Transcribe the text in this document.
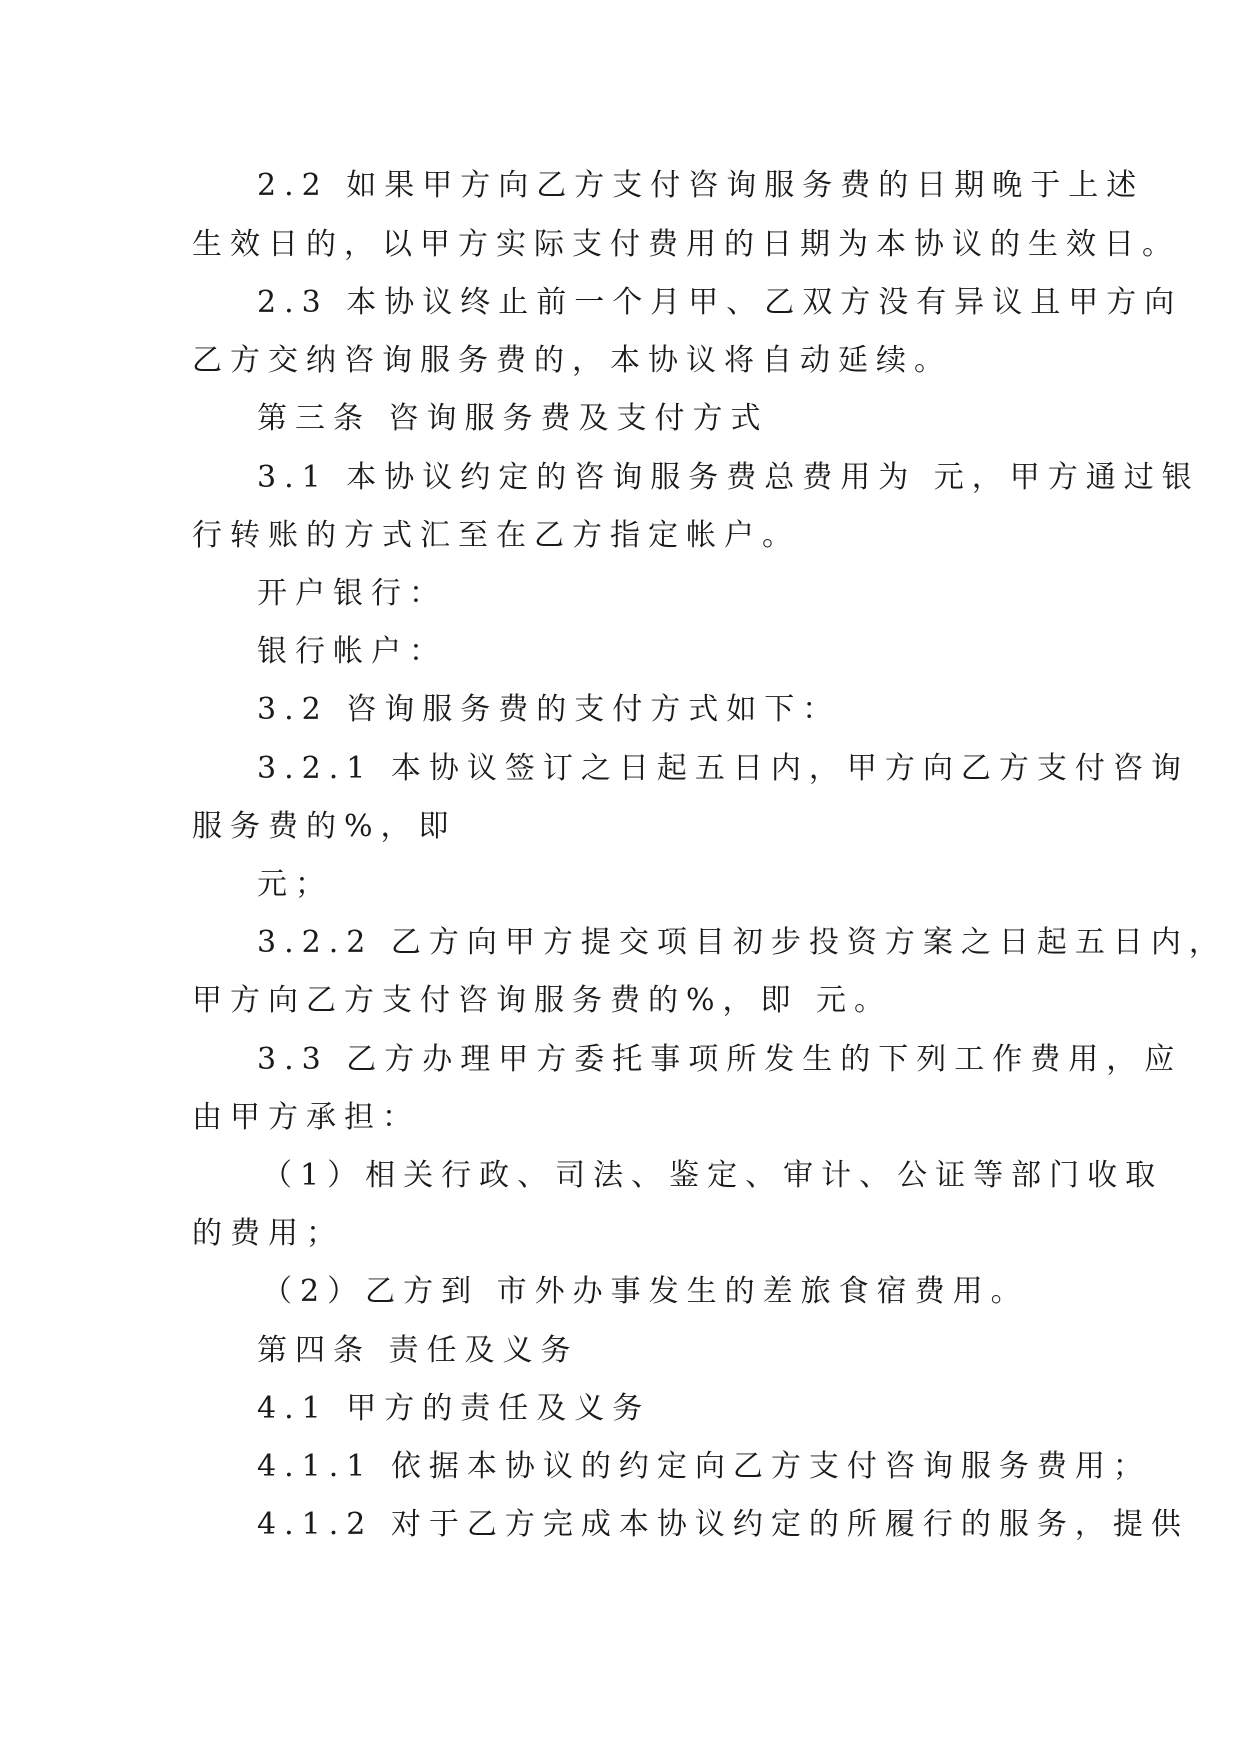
2.2 如果甲方向乙方支付咨询服务费的日期晚于上述

生效日的，以甲方实际支付费用的日期为本协议的生效日。

2.3 本协议终止前一个月甲、乙双方没有异议且甲方向

乙方交纳咨询服务费的，本协议将自动延续。

第三条 咨询服务费及支付方式

3.1 本协议约定的咨询服务费总费用为 元，甲方通过银

行转账的方式汇至在乙方指定帐户。

开户银行：

银行帐户：

3.2 咨询服务费的支付方式如下：

3.2.1 本协议签订之日起五日内，甲方向乙方支付咨询

服务费的%，即

元；

3.2.2 乙方向甲方提交项目初步投资方案之日起五日内，

甲方向乙方支付咨询服务费的%，即 元。

3.3 乙方办理甲方委托事项所发生的下列工作费用，应

由甲方承担：

（1）相关行政、司法、鉴定、审计、公证等部门收取

的费用；

（2）乙方到 市外办事发生的差旅食宿费用。

第四条 责任及义务

4.1 甲方的责任及义务

4.1.1 依据本协议的约定向乙方支付咨询服务费用；

4.1.2 对于乙方完成本协议约定的所履行的服务，提供
